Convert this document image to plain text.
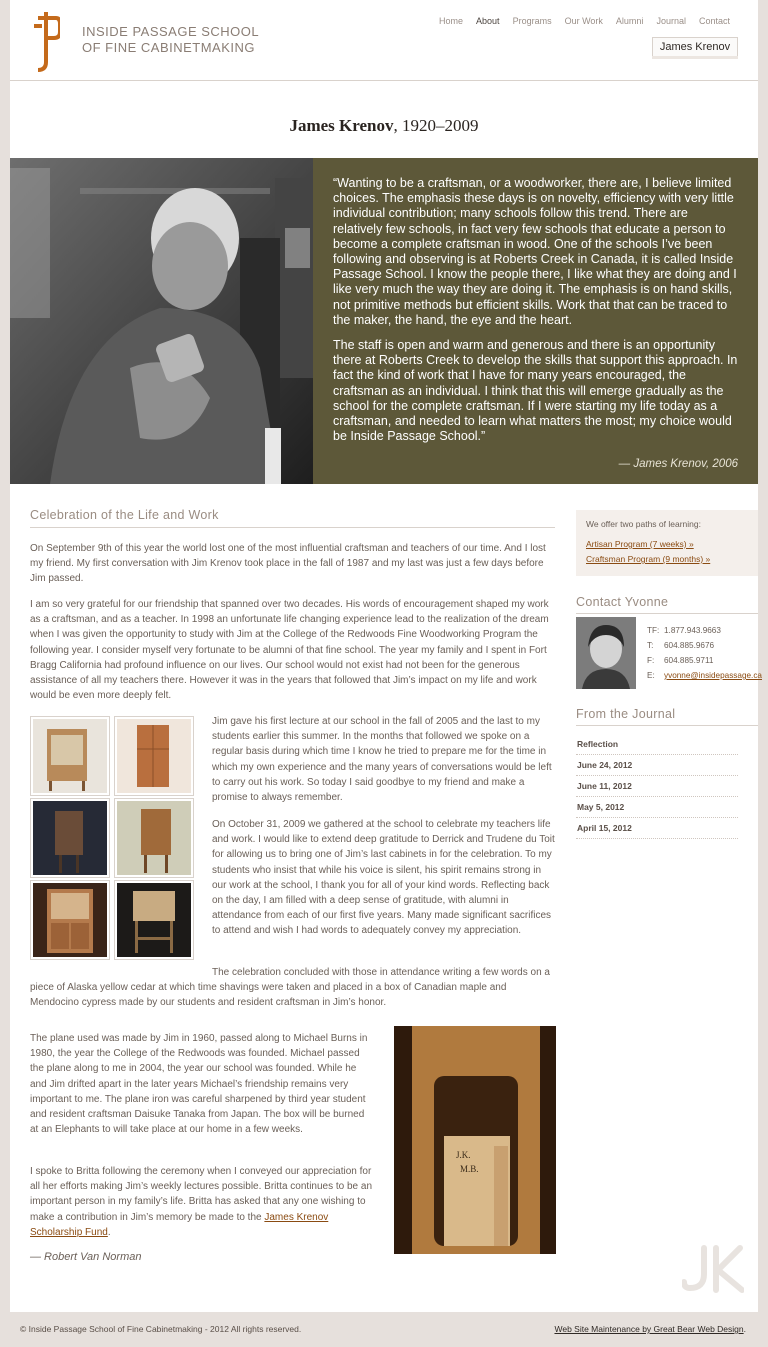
INSIDE PASSAGE SCHOOL
OF FINE CABINETMAKING
Home About Programs Our Work Alumni Journal Contact
James Krenov
James Krenov, 1920–2009

“Wanting to be a craftsman, or a woodworker, there are, I believe limited choices. The emphasis these days is on novelty, efficiency with very little individual contribution; many schools follow this trend. There are relatively few schools, in fact very few schools that educate a person to become a complete craftsman in wood. One of the schools I’ve been following and observing is at Roberts Creek in Canada, it is called Inside Passage School. I know the people there, I like what they are doing and I like very much the way they are doing it. The emphasis is on hand skills, not primitive methods but efficient skills. Work that that can be traced to the maker, the hand, the eye and the heart.

The staff is open and warm and generous and there is an opportunity there at Roberts Creek to develop the skills that support this approach. In fact the kind of work that I have for many years encouraged, the craftsman as an individual. I think that this will emerge gradually as the school for the complete craftsman. If I were starting my life today as a craftsman, and needed to learn what matters the most; my choice would be Inside Passage School.”

— James Krenov, 2006
Celebration of the Life and Work

On September 9th of this year the world lost one of the most influential craftsman and teachers of our time. And I lost my friend. My first conversation with Jim Krenov took place in the fall of 1987 and my last was just a few days before Jim passed.

I am so very grateful for our friendship that spanned over two decades. His words of encouragement shaped my work as a craftsman, and as a teacher. In 1998 an unfortunate life changing experience lead to the realization of the dream when I was given the opportunity to study with Jim at the College of the Redwoods Fine Woodworking Program the following year. I consider myself very fortunate to be alumni of that fine school. The year my family and I spent in Fort Bragg California had profound influence on our lives. Our school would not exist had not been for the generous assistance of all my teachers there. However it was in the years that followed that Jim’s impact on my life and work would be even more deeply felt.

Jim gave his first lecture at our school in the fall of 2005 and the last to my students earlier this summer. In the months that followed we spoke on a regular basis during which time I know he tried to prepare me for the time in which my own experience and the many years of conversations would be left to carry out his work. So today I said goodbye to my friend and make a promise to always remember.

On October 31, 2009 we gathered at the school to celebrate my teachers life and work. I would like to extend deep gratitude to Derrick and Trudene du Toit for allowing us to bring one of Jim’s last cabinets in for the celebration. To my students who insist that while his voice is silent, his spirit remains strong in our work at the school, I thank you for all of your kind words. Reflecting back on the day, I am filled with a deep sense of gratitude, with alumni in attendance from each of our first five years. Many made significant sacrifices to attend and wish I had words to adequately convey my appreciation.

The celebration concluded with those in attendance writing a few words on a piece of Alaska yellow cedar at which time shavings were taken and placed in a box of Canadian maple and Mendocino cypress made by our students and resident craftsman in Jim’s honor.

The plane used was made by Jim in 1960, passed along to Michael Burns in 1980, the year the College of the Redwoods was founded. Michael passed the plane along to me in 2004, the year our school was founded. While he and Jim drifted apart in the later years Michael’s friendship remains very important to me. The plane iron was careful sharpened by third year student and resident craftsman Daisuke Tanaka from Japan. The box will be burned at an Elephants to will take place at our home in a few weeks.

I spoke to Britta following the ceremony when I conveyed our appreciation for all her efforts making Jim’s weekly lectures possible. Britta continues to be an important person in my family’s life. Britta has asked that any one wishing to make a contribution in Jim’s memory be made to the James Krenov Scholarship Fund.

J.K.
M.B.
— Robert Van Norman
We offer two paths of learning:
Artisan Program (7 weeks) »
Craftsman Program (9 months) »
Contact Yvonne
TF: 1.877.943.9663
T:	604.885.9676
F:	604.885.9711
E:	yvonne@insidepassage.ca
From the Journal
Reflection
June 24, 2012
June 11, 2012
May 5, 2012
April 15, 2012
© Inside Passage School of Fine Cabinetmaking - 2012 All rights reserved.	Web Site Maintenance by Great Bear Web Design.
